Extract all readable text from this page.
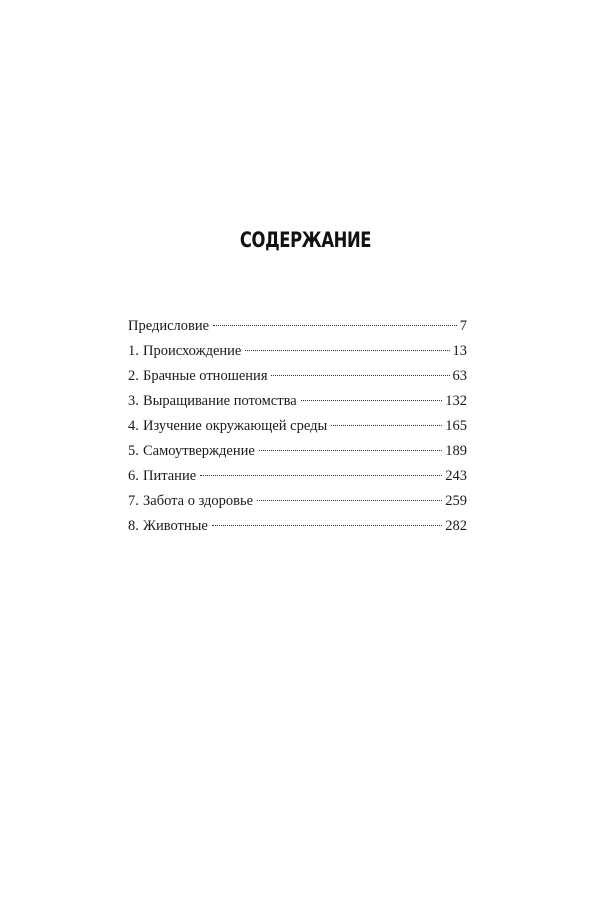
СОДЕРЖАНИЕ
Предисловие	7
1. Происхождение	13
2. Брачные отношения	63
3. Выращивание потомства	132
4. Изучение окружающей среды	165
5. Самоутверждение	189
6. Питание	243
7. Забота о здоровье	259
8. Животные	282
